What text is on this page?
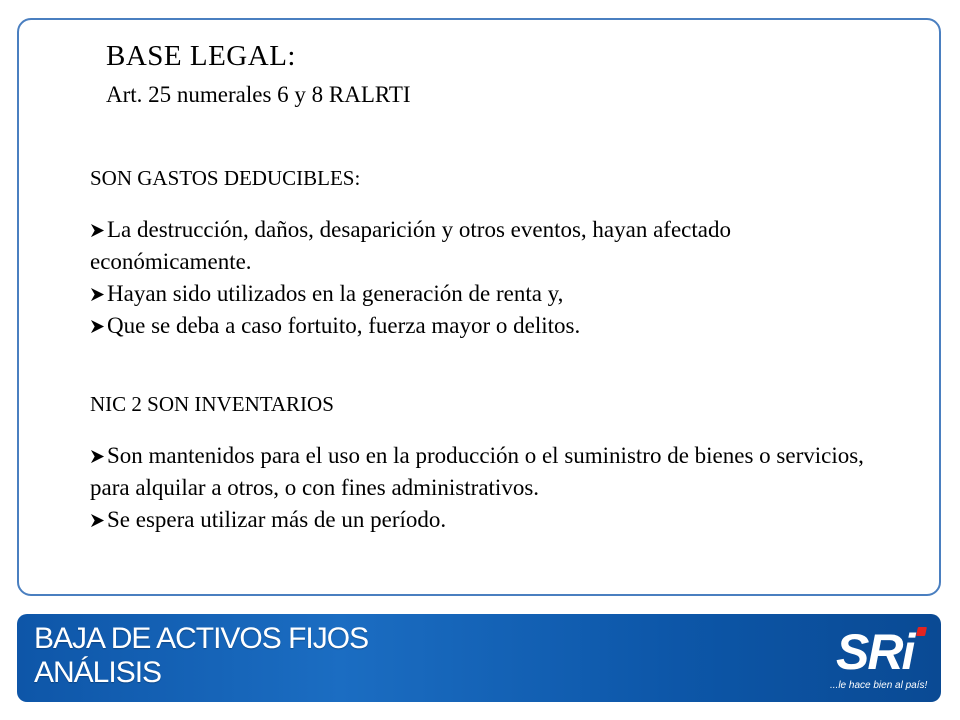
BASE LEGAL:
Art. 25 numerales 6 y 8 RALRTI
SON GASTOS DEDUCIBLES:
La destrucción, daños, desaparición y otros eventos, hayan afectado económicamente.
Hayan sido utilizados en la generación de renta y,
Que se deba a caso fortuito, fuerza mayor o delitos.
NIC 2 SON INVENTARIOS
Son mantenidos para el uso en la producción o el suministro de bienes o servicios, para alquilar a otros, o con fines administrativos.
Se espera utilizar más de un período.
BAJA DE ACTIVOS FIJOS
ANÁLISIS	SRi
...le hace bien al país!
